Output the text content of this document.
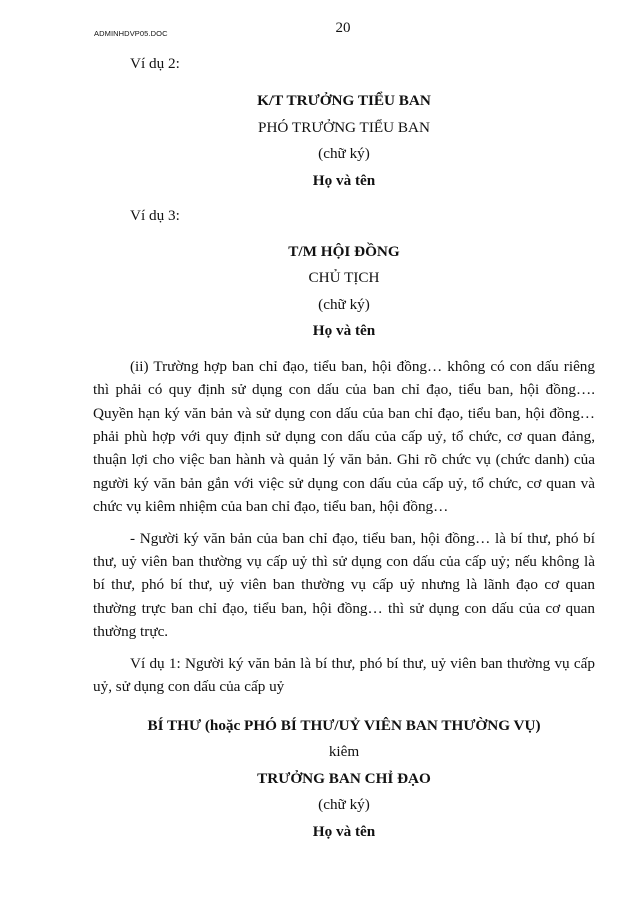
ADMINHDVP05.DOC	20

Ví dụ 2:

K/T TRƯỞNG TIỂU BAN

PHÓ TRƯỞNG TIỂU BAN

(chữ ký)

Họ và tên

Ví dụ 3:

T/M HỘI ĐỒNG

CHỦ TỊCH

(chữ ký)

Họ và tên

(ii) Trường hợp ban chỉ đạo, tiểu ban, hội đồng… không có con dấu riêng thì phải có quy định sử dụng con dấu của ban chỉ đạo, tiểu ban, hội đồng…. Quyền hạn ký văn bản và sử dụng con dấu của ban chỉ đạo, tiểu ban, hội đồng… phải phù hợp với quy định sử dụng con dấu của cấp uỷ, tổ chức, cơ quan đảng, thuận lợi cho việc ban hành và quản lý văn bản. Ghi rõ chức vụ (chức danh) của người ký văn bản gắn với việc sử dụng con dấu của cấp uỷ, tổ chức, cơ quan và chức vụ kiêm nhiệm của ban chỉ đạo, tiểu ban, hội đồng…

- Người ký văn bản của ban chỉ đạo, tiểu ban, hội đồng… là bí thư, phó bí thư, uỷ viên ban thường vụ cấp uỷ thì sử dụng con dấu của cấp uỷ; nếu không là bí thư, phó bí thư, uỷ viên ban thường vụ cấp uỷ nhưng là lãnh đạo cơ quan thường trực ban chỉ đạo, tiểu ban, hội đồng… thì sử dụng con dấu của cơ quan thường trực.

Ví dụ 1: Người ký văn bản là bí thư, phó bí thư, uỷ viên ban thường vụ cấp uỷ, sử dụng con dấu của cấp uỷ

BÍ THƯ (hoặc PHÓ BÍ THƯ/UỶ VIÊN BAN THƯỜNG VỤ)

kiêm

TRƯỞNG BAN CHỈ ĐẠO

(chữ ký)

Họ và tên
